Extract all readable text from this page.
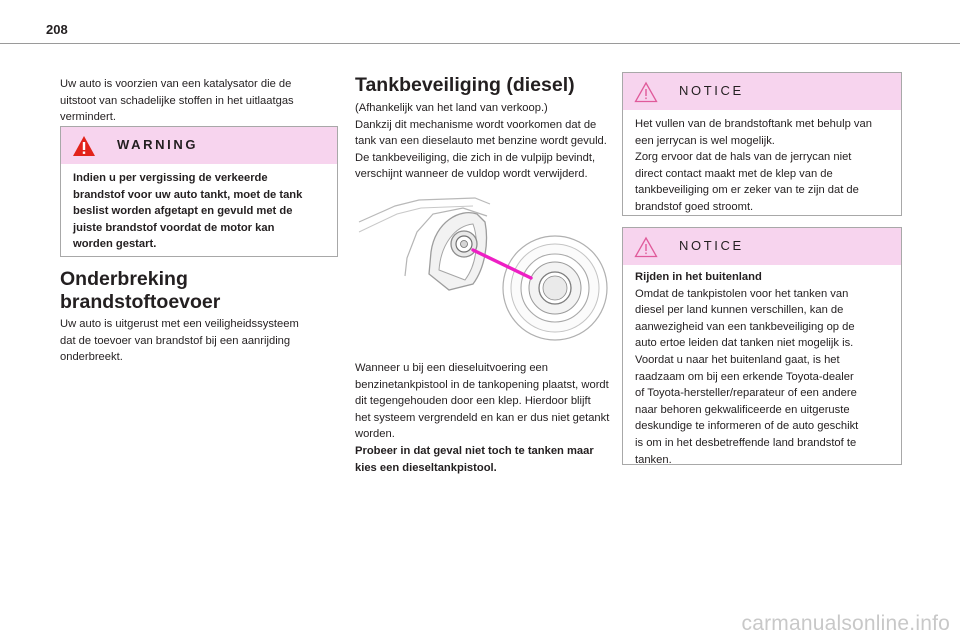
208

Uw auto is voorzien van een katalysator die de
uitstoot van schadelijke stoffen in het uitlaatgas
vermindert.

WARNING

Indien u per vergissing de verkeerde
brandstof voor uw auto tankt, moet de tank
beslist worden afgetapt en gevuld met de
juiste brandstof voordat de motor kan
worden gestart.

Onderbreking
brandstoftoevoer

Uw auto is uitgerust met een veiligheidssysteem
dat de toevoer van brandstof bij een aanrijding
onderbreekt.

Tankbeveiliging (diesel)

(Afhankelijk van het land van verkoop.)
Dankzij dit mechanisme wordt voorkomen dat de
tank van een dieselauto met benzine wordt gevuld.
De tankbeveiliging, die zich in de vulpijp bevindt,
verschijnt wanneer de vuldop wordt verwijderd.

Wanneer u bij een dieseluitvoering een
benzinetankpistool in de tankopening plaatst, wordt
dit tegengehouden door een klep. Hierdoor blijft
het systeem vergrendeld en kan er dus niet getankt
worden.
Probeer in dat geval niet toch te tanken maar
kies een dieseltankpistool.

NOTICE

Het vullen van de brandstoftank met behulp van
een jerrycan is wel mogelijk.
Zorg ervoor dat de hals van de jerrycan niet
direct contact maakt met de klep van de
tankbeveiliging om er zeker van te zijn dat de
brandstof goed stroomt.

NOTICE

Rijden in het buitenland
Omdat de tankpistolen voor het tanken van
diesel per land kunnen verschillen, kan de
aanwezigheid van een tankbeveiliging op de
auto ertoe leiden dat tanken niet mogelijk is.
Voordat u naar het buitenland gaat, is het
raadzaam om bij een erkende Toyota-dealer
of Toyota-hersteller/reparateur of een andere
naar behoren gekwalificeerde en uitgeruste
deskundige te informeren of de auto geschikt
is om in het desbetreffende land brandstof te
tanken.

carmanualsonline.info
